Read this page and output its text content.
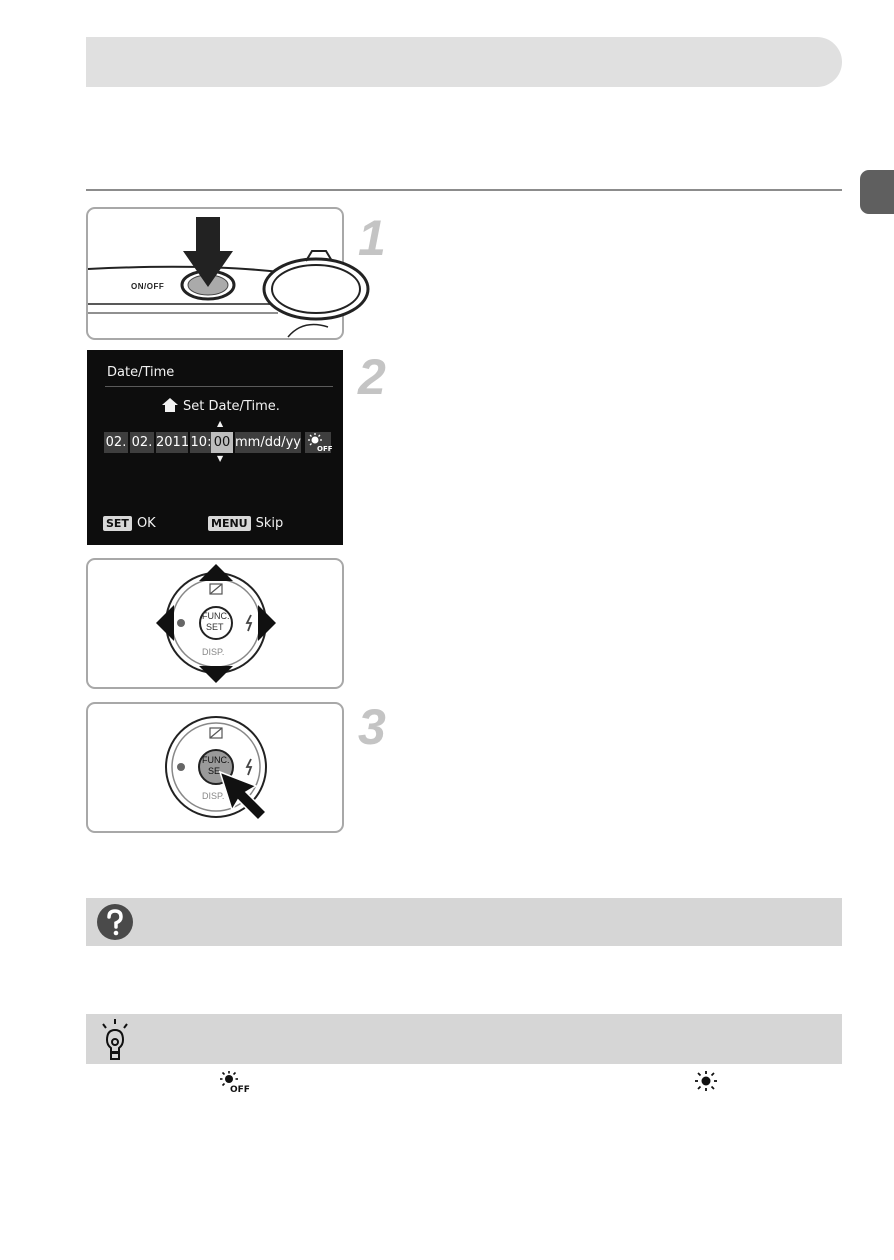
ON/OFF
1
Date/Time
Set Date/Time.
02. 02. 2011 10: 00
▲
▼
mm/dd/yy OFF
SET OK	MENU Skip
2
FUNC.
SET
DISP.
FUNC.
SE
DISP.
3
OFF
